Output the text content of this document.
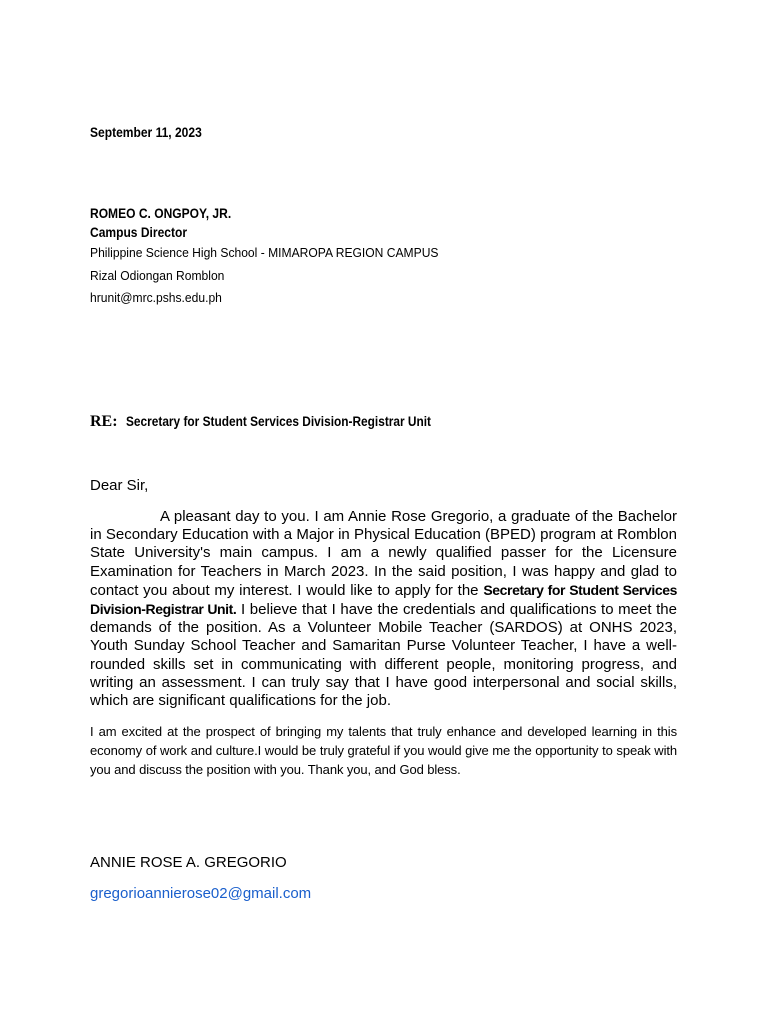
September 11, 2023
ROMEO C. ONGPOY, JR.
Campus Director
Philippine Science High School - MIMAROPA REGION CAMPUS
Rizal Odiongan Romblon
hrunit@mrc.pshs.edu.ph
RE: Secretary for Student Services Division-Registrar Unit
Dear Sir,
A pleasant day to you. I am Annie Rose Gregorio, a graduate of the Bachelor in Secondary Education with a Major in Physical Education (BPED) program at Romblon State University's main campus. I am a newly qualified passer for the Licensure Examination for Teachers in March 2023. In the said position, I was happy and glad to contact you about my interest. I would like to apply for the Secretary for Student Services Division-Registrar Unit. I believe that I have the credentials and qualifications to meet the demands of the position. As a Volunteer Mobile Teacher (SARDOS) at ONHS 2023, Youth Sunday School Teacher and Samaritan Purse Volunteer Teacher, I have a well-rounded skills set in communicating with different people, monitoring progress, and writing an assessment. I can truly say that I have good interpersonal and social skills, which are significant qualifications for the job.
I am excited at the prospect of bringing my talents that truly enhance and developed learning in this economy of work and culture.I would be truly grateful if you would give me the opportunity to speak with you and discuss the position with you. Thank you, and God bless.
ANNIE ROSE A. GREGORIO
gregorioannierose02@gmail.com
